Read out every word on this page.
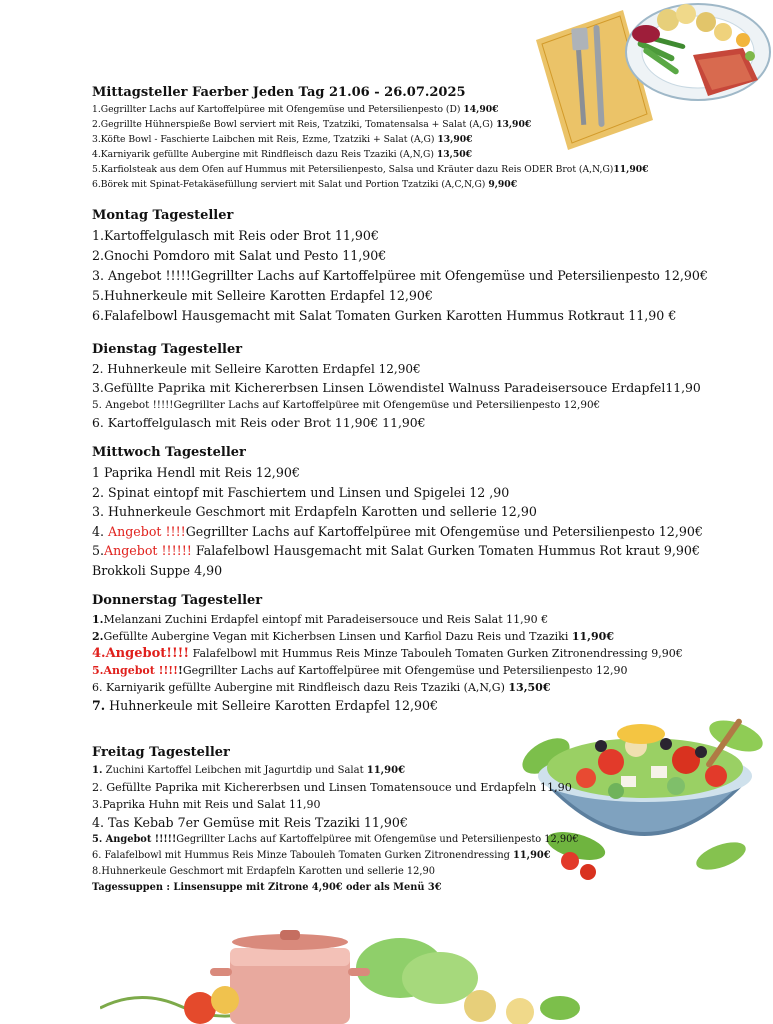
Mittagsteller Faerber Jeden Tag 21.06 - 26.07.2025

1.Gegrillter Lachs auf Kartoffelpüree mit Ofengemüse und Petersilienpesto (D) 14,90€
2.Gegrillte Hühnerspieße Bowl serviert mit Reis, Tzatziki, Tomatensalsa + Salat (A,G) 13,90€
3.Köfte Bowl - Faschierte Laibchen mit Reis, Ezme, Tzatziki + Salat (A,G) 13,90€
4.Karniyarik gefüllte Aubergine mit Rindfleisch dazu Reis Tzaziki (A,N,G) 13,50€
5.Karfiolsteak aus dem Ofen auf Hummus mit Petersilienpesto, Salsa und Kräuter dazu Reis ODER Brot (A,N,G)11,90€
6.Börek mit Spinat-Fetakäsefüllung serviert mit Salat und Portion Tzatziki (A,C,N,G) 9,90€

Montag Tagesteller

1.Kartoffelgulasch mit Reis oder Brot 11,90€
2.Gnochi Pomdoro mit Salat und Pesto 11,90€
3. Angebot !!!!!Gegrillter Lachs auf Kartoffelpüree mit Ofengemüse und Petersilienpesto 12,90€
5.Huhnerkeule mit Selleire Karotten Erdapfel 12,90€
6.Falafelbowl Hausgemacht mit Salat Tomaten Gurken Karotten Hummus Rotkraut 11,90 €

Dienstag Tagesteller

2. Huhnerkeule mit Selleire Karotten Erdapfel 12,90€
3.Gefüllte Paprika mit Kichererbsen Linsen Löwendistel Walnuss Paradeisersouce Erdapfel11,90
5. Angebot !!!!!Gegrillter Lachs auf Kartoffelpüree mit Ofengemüse und Petersilienpesto 12,90€
6. Kartoffelgulasch mit Reis oder Brot 11,90€ 11,90€

Mittwoch Tagesteller

1 Paprika Hendl mit Reis 12,90€
2. Spinat eintopf mit Faschiertem und Linsen und Spigelei 12 ,90
3. Huhnerkeule Geschmort mit Erdapfeln Karotten und sellerie 12,90
4. Angebot !!!!Gegrillter Lachs auf Kartoffelpüree mit Ofengemüse und Petersilienpesto 12,90€
5.Angebot !!!!!! Falafelbowl Hausgemacht mit Salat Gurken Tomaten Hummus Rot kraut 9,90€
Brokkoli Suppe 4,90

Donnerstag Tagesteller

1.Melanzani Zuchini Erdapfel eintopf mit Paradeisersouce und Reis Salat 11,90 €
2.Gefüllte Aubergine Vegan mit Kicherbsen Linsen und Karfiol Dazu Reis und Tzaziki 11,90€
4.Angebot!!!! Falafelbowl mit Hummus Reis Minze Tabouleh Tomaten Gurken Zitronendressing 9,90€
5.Angebot !!!!!Gegrillter Lachs auf Kartoffelpüree mit Ofengemüse und Petersilienpesto 12,90
6. Karniyarik gefüllte Aubergine mit Rindfleisch dazu Reis Tzaziki (A,N,G) 13,50€
7. Huhnerkeule mit Selleire Karotten Erdapfel 12,90€

Freitag Tagesteller

1. Zuchini Kartoffel Leibchen mit Jagurtdip und Salat 11,90€
2. Gefüllte Paprika mit Kichererbsen und Linsen Tomatensouce und Erdapfeln 11,90
3.Paprika Huhn mit Reis und Salat 11,90
4. Tas Kebab 7er Gemüse mit Reis Tzaziki 11,90€
5. Angebot !!!!!Gegrillter Lachs auf Kartoffelpüree mit Ofengemüse und Petersilienpesto 12,90€
6. Falafelbowl mit Hummus Reis Minze Tabouleh Tomaten Gurken Zitronendressing 11,90€
8.Huhnerkeule Geschmort mit Erdapfeln Karotten und sellerie 12,90
Tagessuppen : Linsensuppe mit Zitrone 4,90€ oder als Menü 3€
